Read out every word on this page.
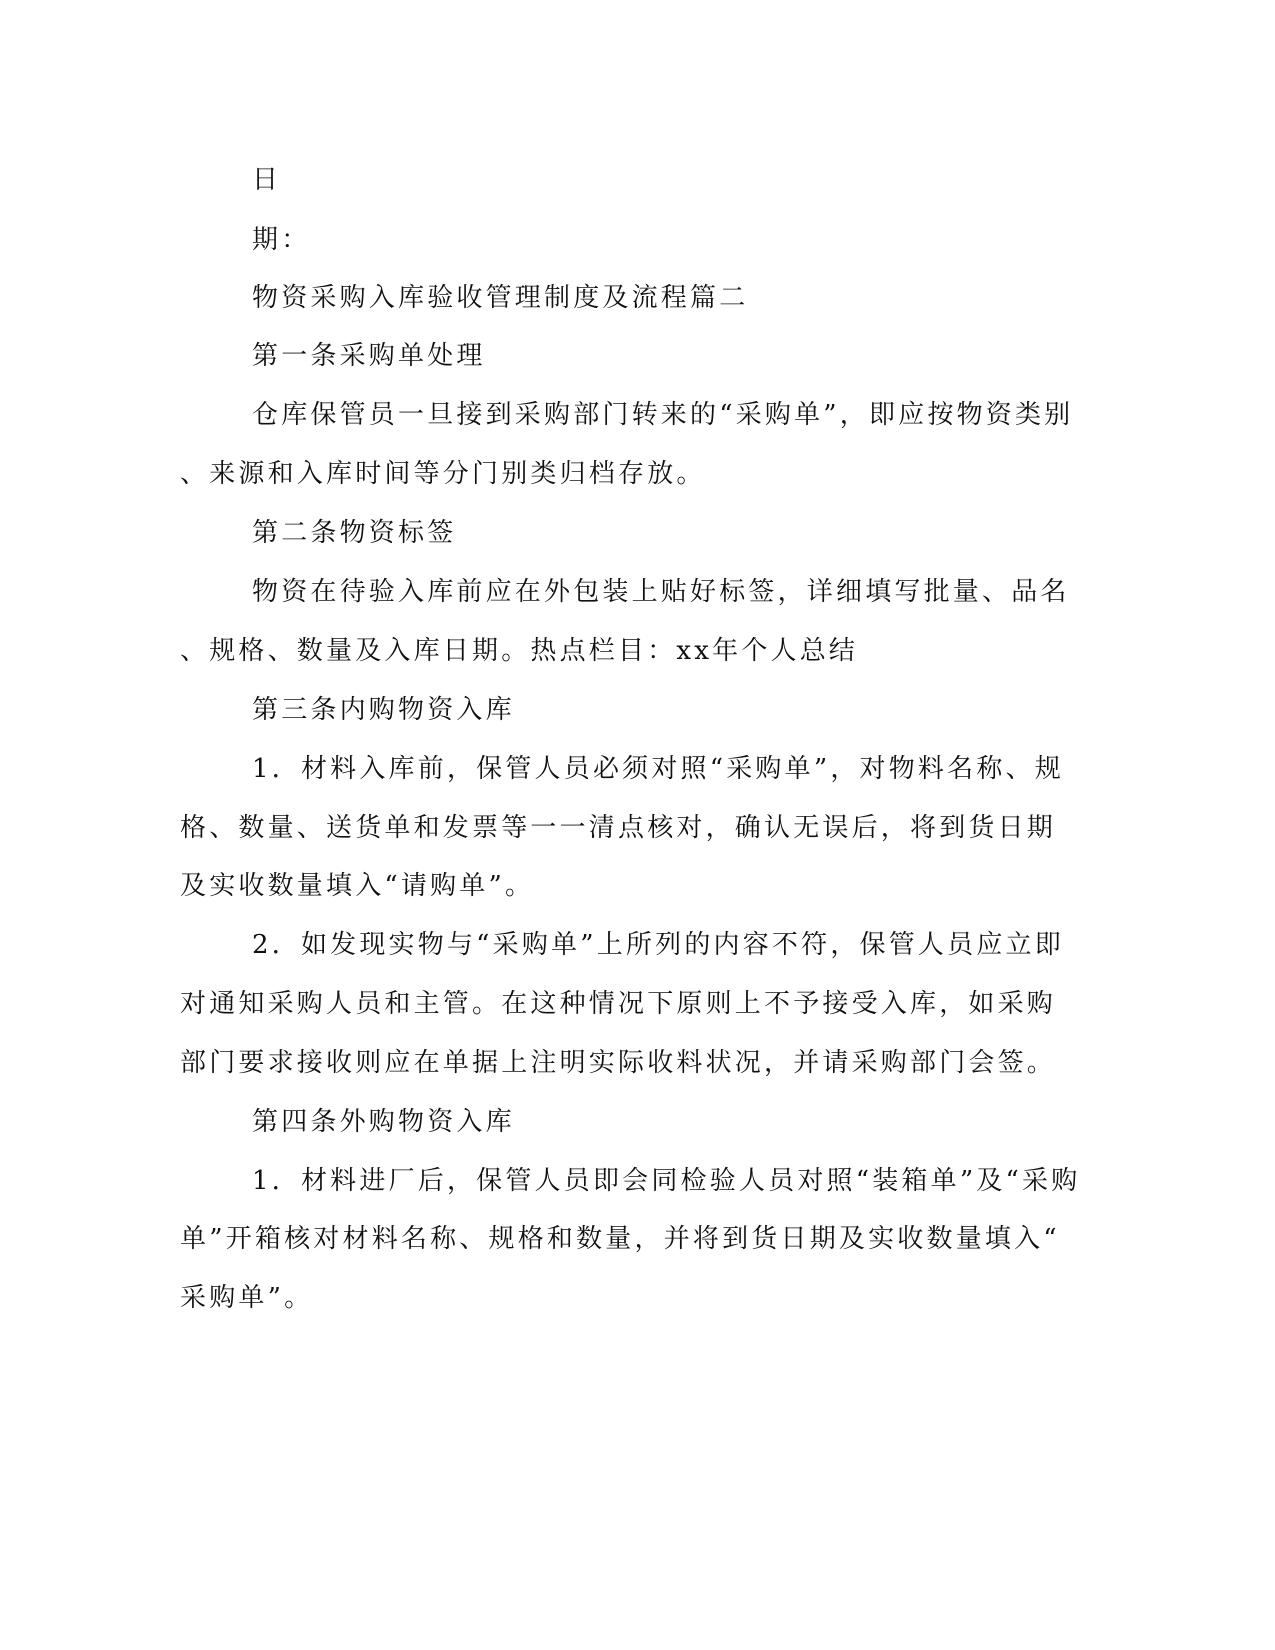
日

期：

物资采购入库验收管理制度及流程篇二

第一条采购单处理

仓库保管员一旦接到采购部门转来的“采购单”，即应按物资类别

、来源和入库时间等分门别类归档存放。

第二条物资标签

物资在待验入库前应在外包装上贴好标签，详细填写批量、品名

、规格、数量及入库日期。热点栏目：xx年个人总结

第三条内购物资入库

1．材料入库前，保管人员必须对照“采购单”，对物料名称、规

格、数量、送货单和发票等一一清点核对，确认无误后，将到货日期

及实收数量填入“请购单”。

2．如发现实物与“采购单”上所列的内容不符，保管人员应立即

对通知采购人员和主管。在这种情况下原则上不予接受入库，如采购

部门要求接收则应在单据上注明实际收料状况，并请采购部门会签。

第四条外购物资入库

1．材料进厂后，保管人员即会同检验人员对照“装箱单”及“采购

单”开箱核对材料名称、规格和数量，并将到货日期及实收数量填入“

采购单”。
